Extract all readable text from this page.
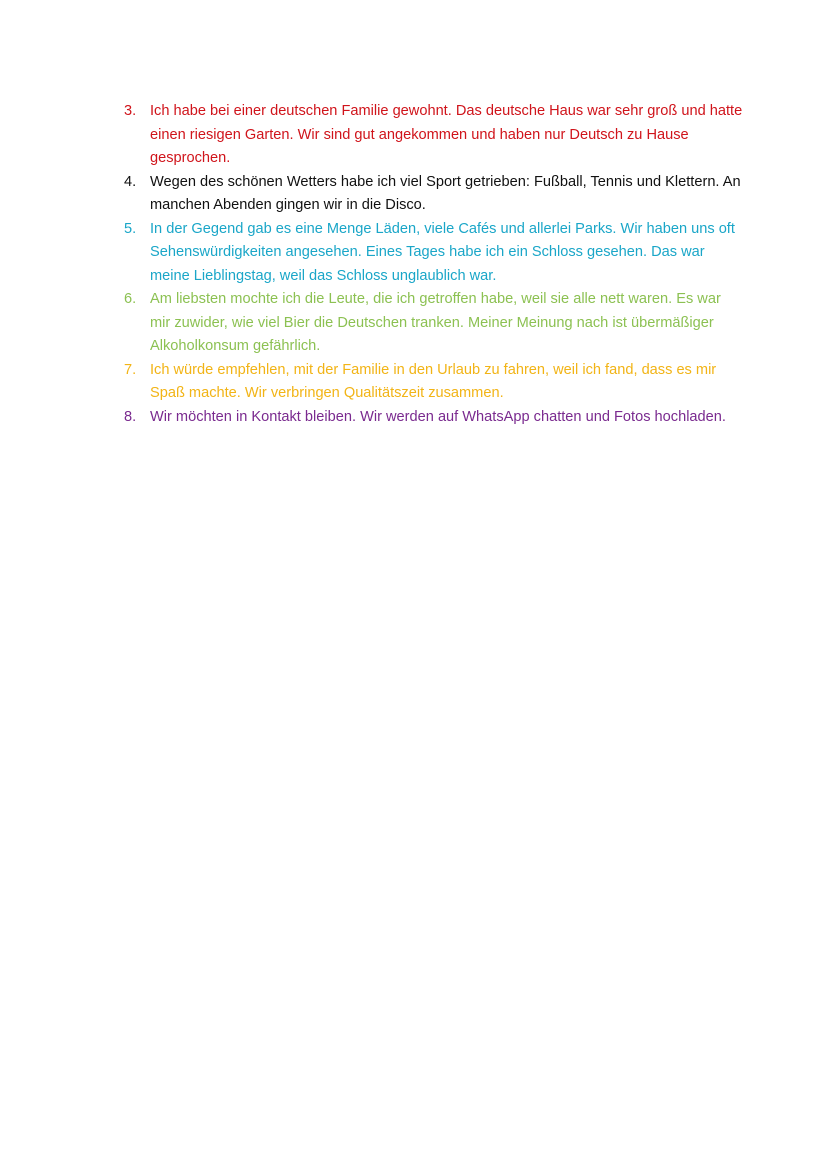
3. Ich habe bei einer deutschen Familie gewohnt. Das deutsche Haus war sehr groß und hatte einen riesigen Garten. Wir sind gut angekommen und haben nur Deutsch zu Hause gesprochen.
4. Wegen des schönen Wetters habe ich viel Sport getrieben: Fußball, Tennis und Klettern. An manchen Abenden gingen wir in die Disco.
5. In der Gegend gab es eine Menge Läden, viele Cafés und allerlei Parks. Wir haben uns oft Sehenswürdigkeiten angesehen. Eines Tages habe ich ein Schloss gesehen. Das war meine Lieblingstag, weil das Schloss unglaublich war.
6. Am liebsten mochte ich die Leute, die ich getroffen habe, weil sie alle nett waren. Es war mir zuwider, wie viel Bier die Deutschen tranken. Meiner Meinung nach ist übermäßiger Alkoholkonsum gefährlich.
7. Ich würde empfehlen, mit der Familie in den Urlaub zu fahren, weil ich fand, dass es mir Spaß machte. Wir verbringen Qualitätszeit zusammen.
8. Wir möchten in Kontakt bleiben. Wir werden auf WhatsApp chatten und Fotos hochladen.
